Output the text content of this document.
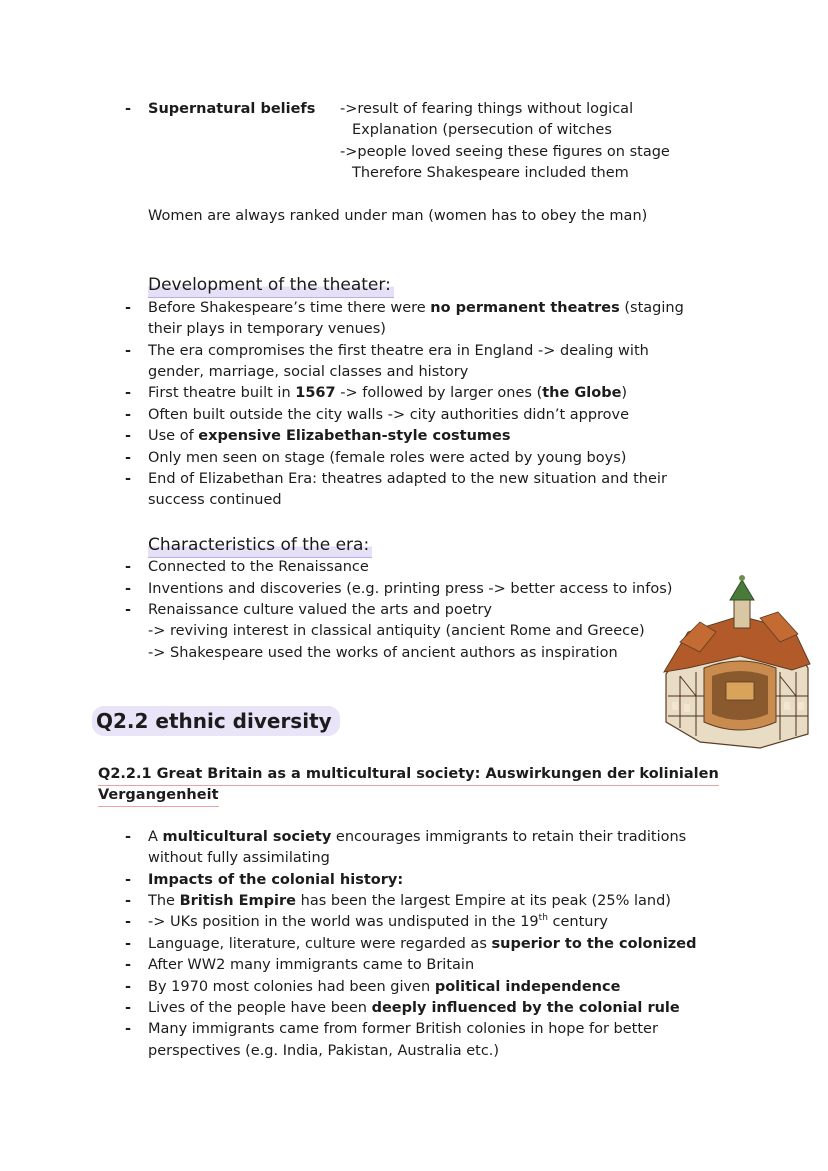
- Supernatural beliefs ->result of fearing things without logical
Explanation (persecution of witches
->people loved seeing these figures on stage
Therefore Shakespeare included them
Women are always ranked under man (women has to obey the man)
Development of the theater:
- Before Shakespeare’s time there were no permanent theatres (staging
their plays in temporary venues)
- The era compromises the first theatre era in England -> dealing with
gender, marriage, social classes and history
- First theatre built in 1567 -> followed by larger ones (the Globe)
- Often built outside the city walls -> city authorities didn’t approve
- Use of expensive Elizabethan-style costumes
- Only men seen on stage (female roles were acted by young boys)
- End of Elizabethan Era: theatres adapted to the new situation and their
success continued
Characteristics of the era:
- Connected to the Renaissance
- Inventions and discoveries (e.g. printing press -> better access to infos)
- Renaissance culture valued the arts and poetry
-> reviving interest in classical antiquity (ancient Rome and Greece)
-> Shakespeare used the works of ancient authors as inspiration
Q2.2 ethnic diversity
Q2.2.1 Great Britain as a multicultural society: Auswirkungen der kolinialen
Vergangenheit
- A multicultural society encourages immigrants to retain their traditions
without fully assimilating
- Impacts of the colonial history:
- The British Empire has been the largest Empire at its peak (25% land)
- -> UKs position in the world was undisputed in the 19th century
- Language, literature, culture were regarded as superior to the colonized
- After WW2 many immigrants came to Britain
- By 1970 most colonies had been given political independence
- Lives of the people have been deeply influenced by the colonial rule
- Many immigrants came from former British colonies in hope for better
perspectives (e.g. India, Pakistan, Australia etc.)
